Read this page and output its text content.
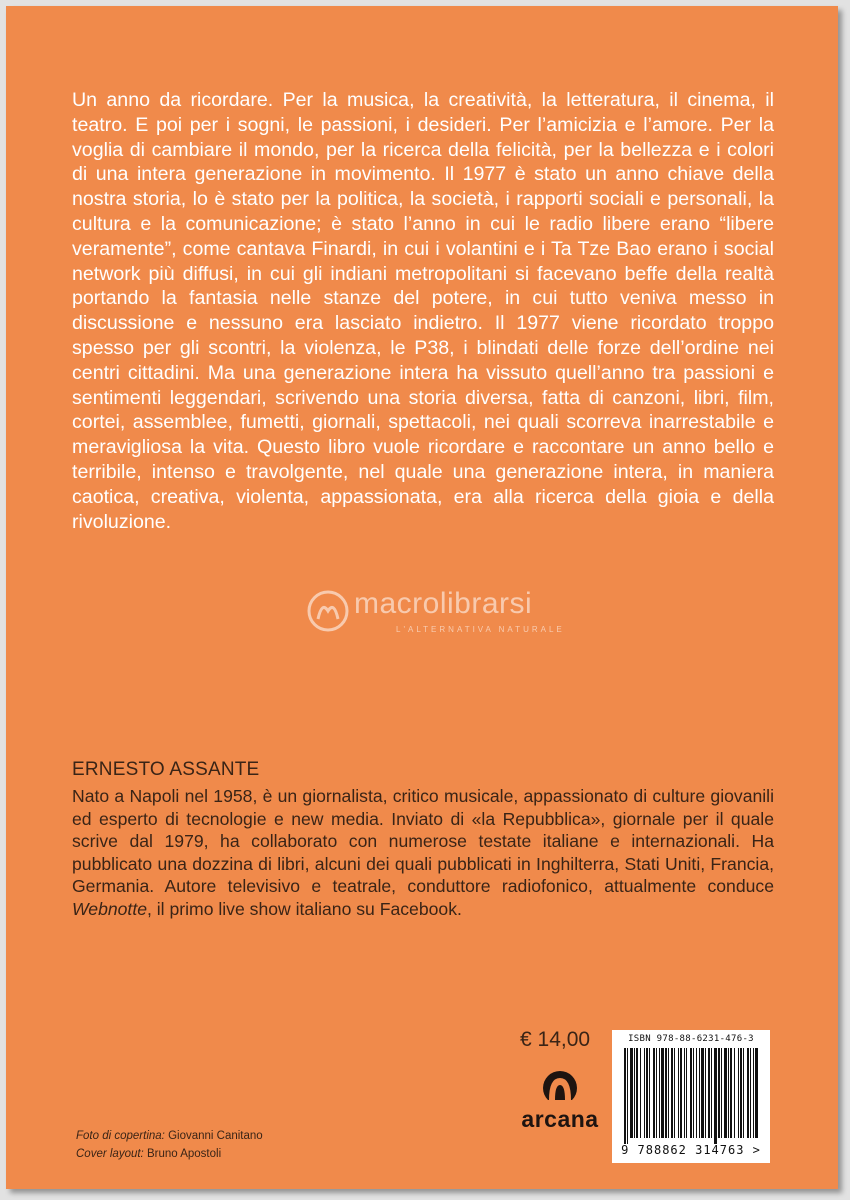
Un anno da ricordare. Per la musica, la creatività, la letteratura, il cinema, il teatro. E poi per i sogni, le passioni, i desideri. Per l’amicizia e l’amore. Per la voglia di cambiare il mondo, per la ricerca della felicità, per la bellezza e i colori di una intera generazione in movimento. Il 1977 è stato un anno chiave della nostra storia, lo è stato per la politica, la società, i rapporti sociali e personali, la cultura e la comunicazione; è stato l’anno in cui le radio libere erano “libere veramente”, come cantava Finardi, in cui i volantini e i Ta Tze Bao erano i social network più diffusi, in cui gli indiani metropolitani si facevano beffe della realtà portando la fantasia nelle stanze del potere, in cui tutto veniva messo in discussione e nessuno era lasciato indietro. Il 1977 viene ricordato troppo spesso per gli scontri, la violenza, le P38, i blindati delle forze dell’ordine nei centri cittadini. Ma una generazione intera ha vissuto quell’anno tra passioni e sentimenti leggendari, scrivendo una storia diversa, fatta di canzoni, libri, film, cortei, assemblee, fumetti, giornali, spettacoli, nei quali scorreva inarrestabile e meravigliosa la vita. Questo libro vuole ricordare e raccontare un anno bello e terribile, intenso e travolgente, nel quale una generazione intera, in maniera caotica, creativa, violenta, appassionata, era alla ricerca della gioia e della rivoluzione.

macrolibrarsi
L'ALTERNATIVA NATURALE
ERNESTO ASSANTE

Nato a Napoli nel 1958, è un giornalista, critico musicale, appassionato di culture giovanili ed esperto di tecnologie e new media. Inviato di «la Repubblica», giornale per il quale scrive dal 1979, ha collaborato con numerose testate italiane e internazionali. Ha pubblicato una dozzina di libri, alcuni dei quali pubblicati in Inghilterra, Stati Uniti, Francia, Germania. Autore televisivo e teatrale, conduttore radiofonico, attualmente conduce Webnotte, il primo live show italiano su Facebook.

€ 14,00
arcana
ISBN 978-88-6231-476-3
9 788862 314763 >
Foto di copertina: Giovanni Canitano
Cover layout: Bruno Apostoli
